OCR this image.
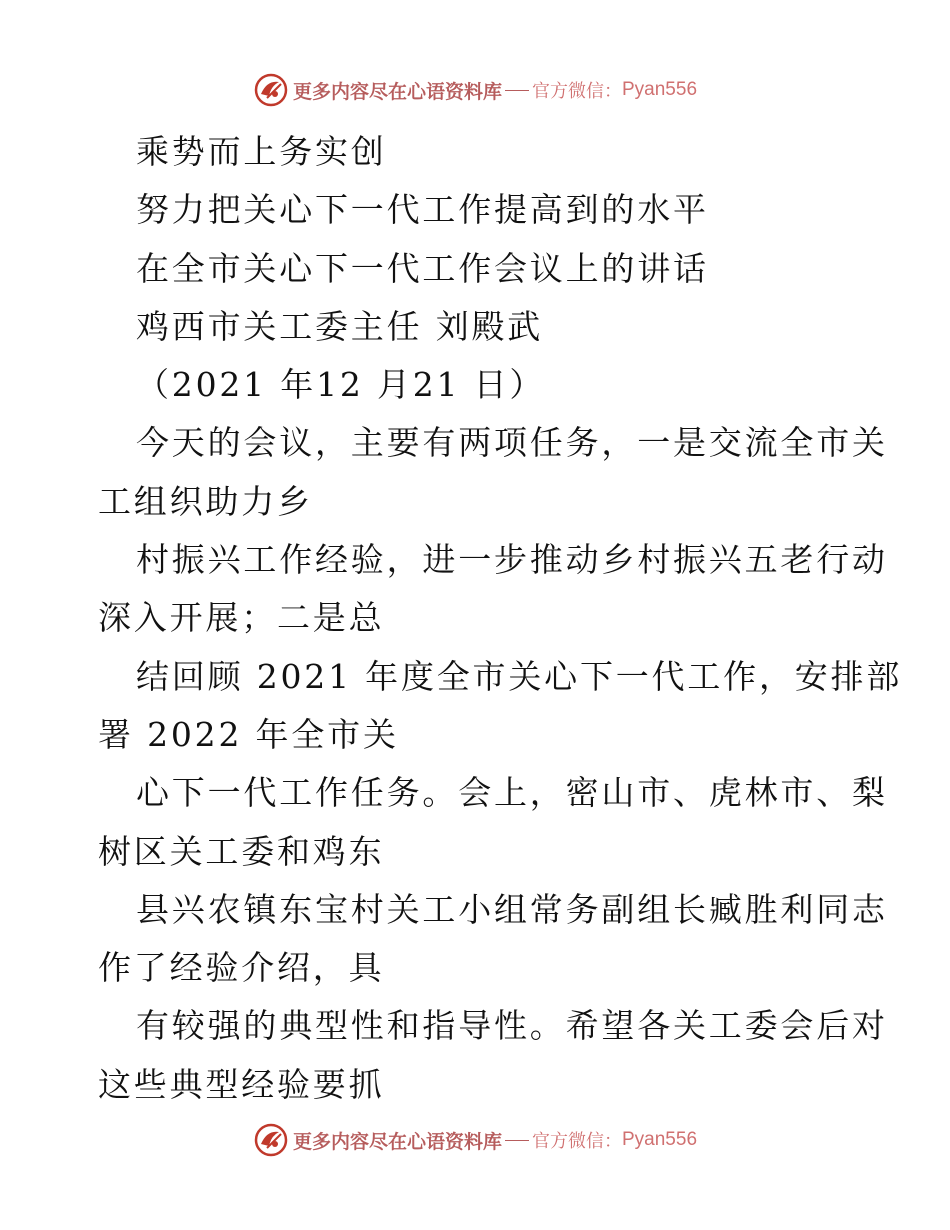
更多内容尽在心语资料库 官方微信： Pyan556
乘势而上务实创
努力把关心下一代工作提高到的水平
在全市关心下一代工作会议上的讲话
鸡西市关工委主任 刘殿武
（2021 年12 月21 日）
今天的会议，主要有两项任务，一是交流全市关
工组织助力乡
村振兴工作经验，进一步推动乡村振兴五老行动
深入开展；二是总
结回顾 2021 年度全市关心下一代工作，安排部
署 2022 年全市关
心下一代工作任务。会上，密山市、虎林市、梨
树区关工委和鸡东
县兴农镇东宝村关工小组常务副组长臧胜利同志
作了经验介绍，具
有较强的典型性和指导性。希望各关工委会后对
这些典型经验要抓
更多内容尽在心语资料库 官方微信： Pyan556
